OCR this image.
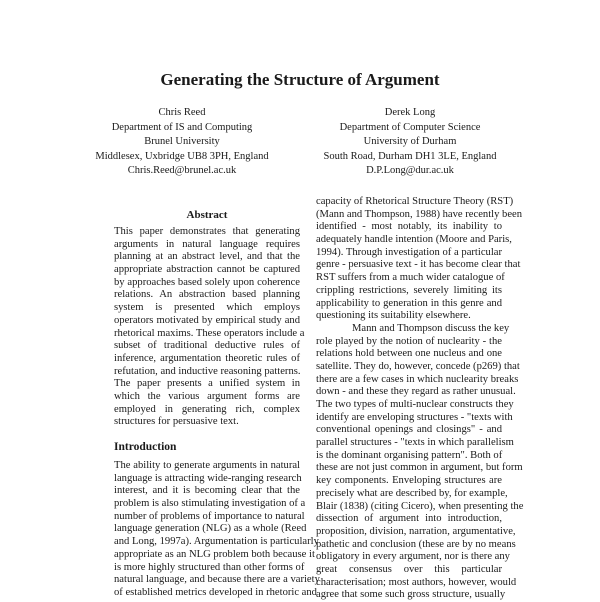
Generating the Structure of Argument
Chris Reed
Department of IS and Computing
Brunel University
Middlesex, Uxbridge UB8 3PH, England
Chris.Reed@brunel.ac.uk
Derek Long
Department of Computer Science
University of Durham
South Road, Durham DH1 3LE, England
D.P.Long@dur.ac.uk
Abstract
This paper demonstrates that generating
arguments in natural language requires
planning at an abstract level, and that the
appropriate abstraction cannot be captured
by approaches based solely upon coherence
relations. An abstraction based planning
system is presented which employs
operators motivated by empirical study and
rhetorical maxims. These operators include a
subset of traditional deductive rules of
inference, argumentation theoretic rules of
refutation, and inductive reasoning patterns.
The paper presents a unified system in
which the various argument forms are
employed in generating rich, complex
structures for persuasive text.
Introduction
The ability to generate arguments in natural
language is attracting wide-ranging research
interest, and it is becoming clear that the
problem is also stimulating investigation of a
number of problems of importance to natural
language generation (NLG) as a whole (Reed
and Long, 1997a). Argumentation is particularly
appropriate as an NLG problem both because it
is more highly structured than other forms of
natural language, and because there are a variety
of established metrics developed in rhetoric and
capacity of Rhetorical Structure Theory (RST)
(Mann and Thompson, 1988) have recently been
identified - most notably, its inability to
adequately handle intention (Moore and Paris,
1994). Through investigation of a particular
genre - persuasive text - it has become clear that
RST suffers from a much wider catalogue of
crippling restrictions, severely limiting its
applicability to generation in this genre and
questioning its suitability elsewhere.
Mann and Thompson discuss the key
role played by the notion of nuclearity - the
relations hold between one nucleus and one
satellite. They do, however, concede (p269) that
there are a few cases in which nuclearity breaks
down - and these they regard as rather unusual.
The two types of multi-nuclear constructs they
identify are enveloping structures - "texts with
conventional openings and closings" - and
parallel structures - "texts in which parallelism
is the dominant organising pattern". Both of
these are not just common in argument, but form
key components. Enveloping structures are
precisely what are described by, for example,
Blair (1838) (citing Cicero), when presenting the
dissection of argument into introduction,
proposition, division, narration, argumentative,
pathetic and conclusion (these are by no means
obligatory in every argument, nor is there any
great consensus over this particular
characterisation; most authors, however, would
agree that some such gross structure, usually
